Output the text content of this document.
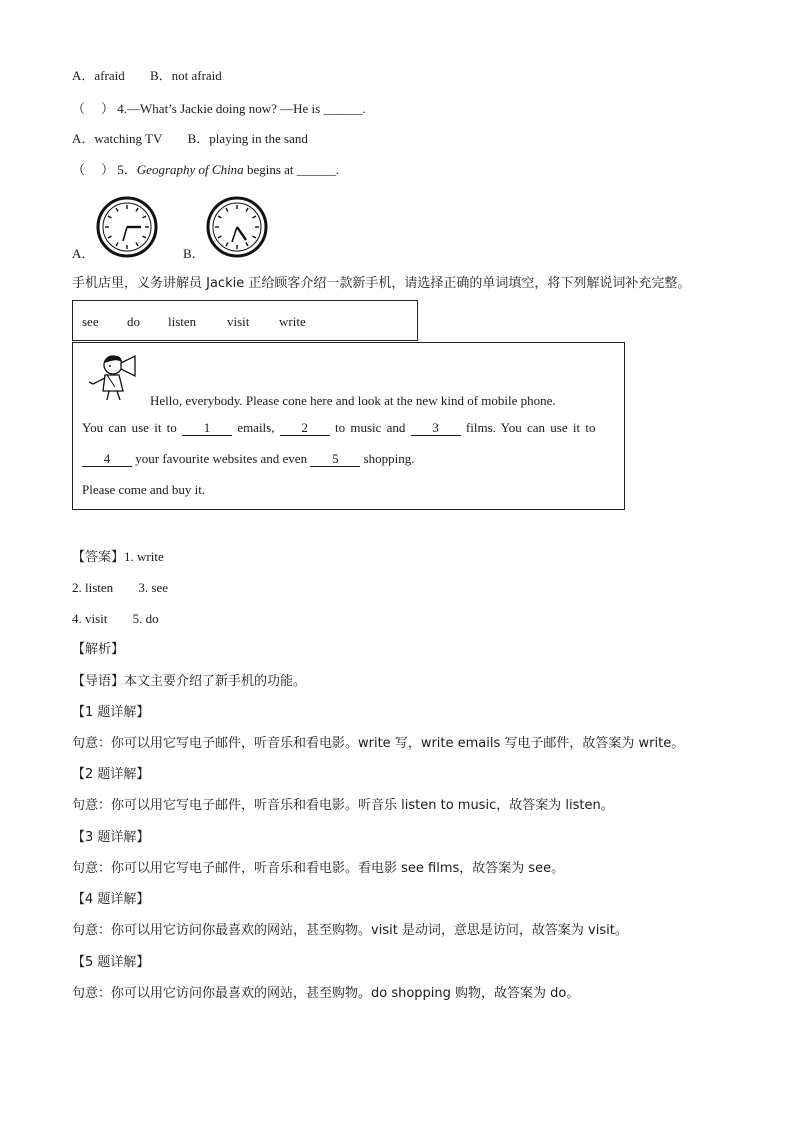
A．afraid B．not afraid
（ ） 4.—What’s Jackie doing now? —He is ______.
A．watching TV B．playing in the sand
（ ） 5．Geography of China begins at ______.
A．	B．
手机店里，义务讲解员 Jackie 正给顾客介绍一款新手机，请选择正确的单词填空，将下列解说词补充完整。
see do listen visit write
Hello, everybody. Please cone here and look at the new kind of mobile phone.
You can use it to 1 emails, 2 to music and 3 films. You can use it to
4 your favourite websites and even 5 shopping.
Please come and buy it.
【答案】1. write
2. listen 3. see
4. visit 5. do
【解析】
【导语】本文主要介绍了新手机的功能。
【1 题详解】
句意：你可以用它写电子邮件，听音乐和看电影。write 写，write emails 写电子邮件，故答案为 write。
【2 题详解】
句意：你可以用它写电子邮件，听音乐和看电影。听音乐 listen to music，故答案为 listen。
【3 题详解】
句意：你可以用它写电子邮件，听音乐和看电影。看电影 see films，故答案为 see。
【4 题详解】
句意：你可以用它访问你最喜欢的网站，甚至购物。visit 是动词，意思是访问，故答案为 visit。
【5 题详解】
句意：你可以用它访问你最喜欢的网站，甚至购物。do shopping 购物，故答案为 do。
